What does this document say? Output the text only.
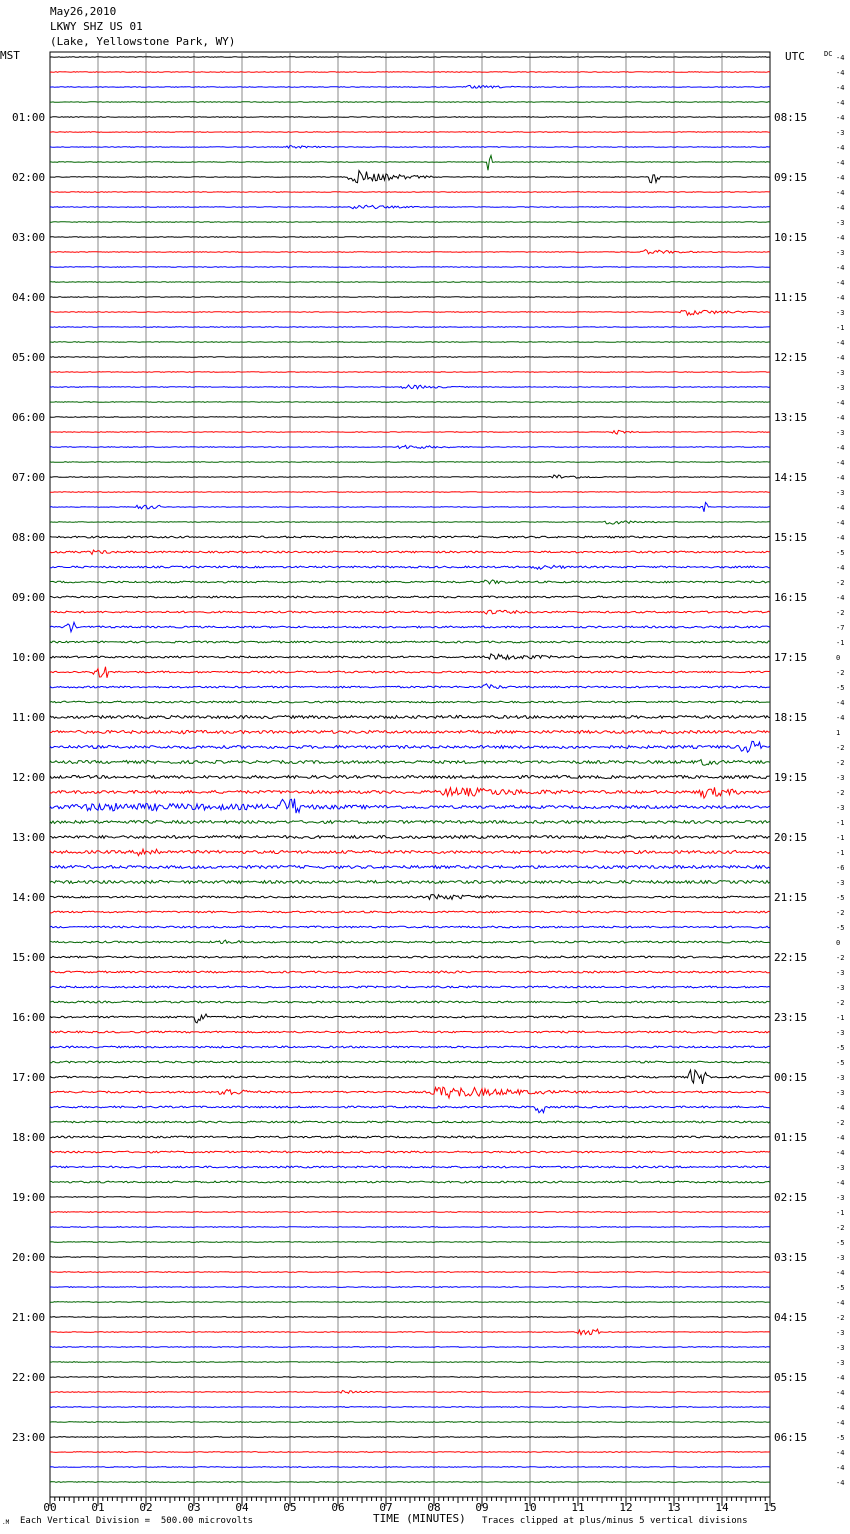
May26,2010
LKWY SHZ US 01
(Lake, Yellowstone Park, WY)
MST	UTC	DC -4
-4
-4
-4
-4
-3
-4
-4
-4
-4
-4
-3
-4
-3
-4
-4
-4
-3
-1
-4
-4
-3
-3
-4
-4
-3
-4
-4
-4
-3
-4
-4
-4
-5
-4
-2
-4
-2
-7
-1
0
-2
-5
-4
-4
1
-2
-2
-3
-2
-3
-1
-1
-1
-6
-3
-5
-2
-5
0
-2
-3
-3
-2
-1
-3
-5
-5
-3
-3
-4
-2
-4
-4
-3
-4
-3
-1
-2
-5
-3
-4
-5
-4
-2
-3
-3
-3
-4
-4
-4
-4
-5
-4
-4
-4
01:00
02:00
03:00
04:00
05:00
06:00
07:00
08:00
09:00
10:00
11:00
12:00
13:00
14:00
15:00
16:00
17:00
18:00
19:00
20:00
21:00
22:00
23:00
08:15
09:15
10:15
11:15
12:15
13:15
14:15
15:15
16:15
17:15
18:15
19:15
20:15
21:15
22:15
23:15
00:15
01:15
02:15
03:15
04:15
05:15
06:15
00	01	02	03	04	05	06	07	08	09	10	11	12	13	14	15
.M Each Vertical Division =  500.00 microvolts	TIME (MINUTES) Traces clipped at plus/minus 5 vertical divisions
